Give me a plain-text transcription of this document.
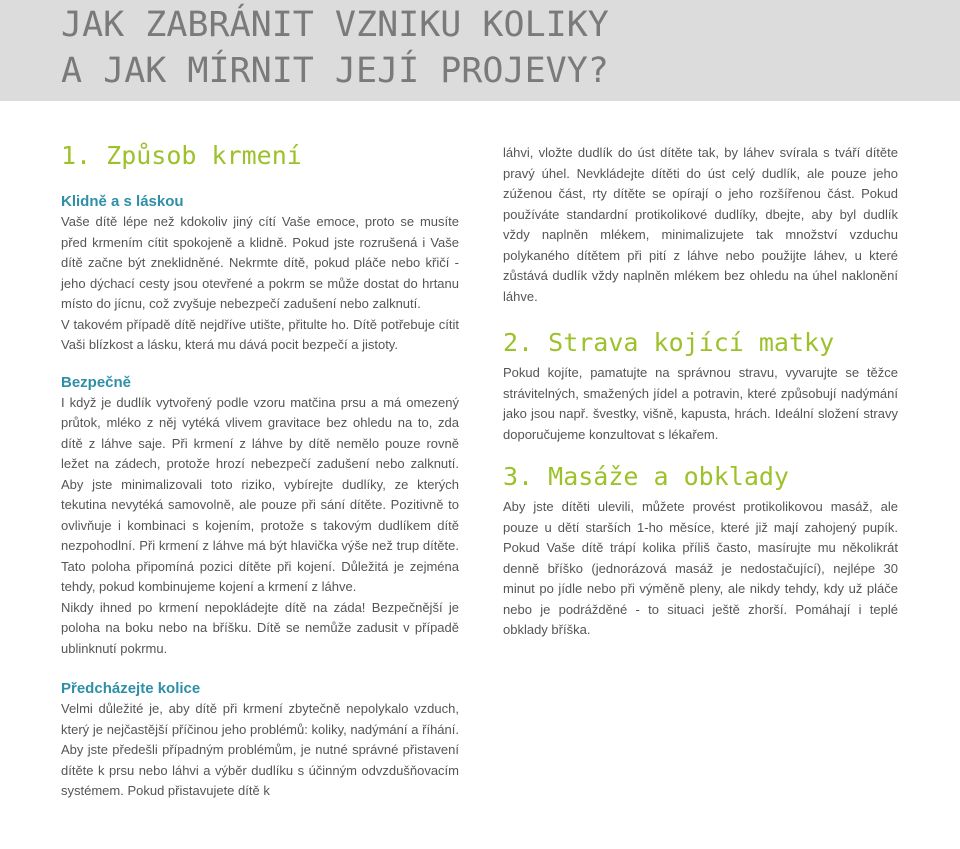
JAK ZABRÁNIT VZNIKU KOLIKY
A JAK MÍRNIT JEJÍ PROJEVY?
1. Způsob krmení
Klidně a s láskou

Vaše dítě lépe než kdokoliv jiný cítí Vaše emoce, proto se musíte před krmením cítit spokojeně a klidně. Pokud jste rozrušená i Vaše dítě začne být zneklidněné. Nekrmte dítě, pokud pláče nebo křičí - jeho dýchací cesty jsou otevřené a pokrm se může dostat do hrtanu místo do jícnu, což zvyšuje nebezpečí zadušení nebo zalknutí.

V takovém případě dítě nejdříve utište, přitulte ho. Dítě potřebuje cítit Vaši blízkost a lásku, která mu dává pocit bezpečí a jistoty.

Bezpečně

I když je dudlík vytvořený podle vzoru matčina prsu a má omezený průtok, mléko z něj vytéká vlivem gravitace bez ohledu na to, zda dítě z láhve saje. Při krmení z láhve by dítě nemělo pouze rovně ležet na zádech, protože hrozí nebezpečí zadušení nebo zalknutí. Aby jste minimalizovali toto riziko, vybírejte dudlíky, ze kterých tekutina nevytéká samovolně, ale pouze při sání dítěte. Pozitivně to ovlivňuje i kombinaci s kojením, protože s takovým dudlíkem dítě nezpohodlní. Při krmení z láhve má být hlavička výše než trup dítěte. Tato poloha připomíná pozici dítěte při kojení. Důležitá je zejména tehdy, pokud kombinujeme kojení a krmení z láhve.

Nikdy ihned po krmení nepokládejte dítě na záda! Bezpečnější je poloha na boku nebo na bříšku. Dítě se nemůže zadusit v případě ublinknutí pokrmu.

Předcházejte kolice

Velmi důležité je, aby dítě při krmení zbytečně nepolykalo vzduch, který je nejčastější příčinou jeho problémů: koliky, nadýmání a říhání. Aby jste předešli případným problémům, je nutné správné přistavení dítěte k prsu nebo láhvi a výběr dudlíku s účinným odvzdušňovacím systémem. Pokud přistavujete dítě k

láhvi, vložte dudlík do úst dítěte tak, by láhev svírala s tváří dítěte pravý úhel. Nevkládejte dítěti do úst celý dudlík, ale pouze jeho zúženou část, rty dítěte se opírají o jeho rozšířenou část. Pokud používáte standardní protikolikové dudlíky, dbejte, aby byl dudlík vždy naplněn mlékem, minimalizujete tak množství vzduchu polykaného dítětem při pití z láhve nebo použijte láhev, u které zůstává dudlík vždy naplněn mlékem bez ohledu na úhel naklonění láhve.

2. Strava kojící matky

Pokud kojíte, pamatujte na správnou stravu, vyvarujte se těžce strávitelných, smažených jídel a potravin, které způsobují nadýmání jako jsou např. švestky, višně, kapusta, hrách. Ideální složení stravy doporučujeme konzultovat s lékařem.

3. Masáže a obklady

Aby jste dítěti ulevili, můžete provést protikolikovou masáž, ale pouze u dětí starších 1-ho měsíce, které již mají zahojený pupík. Pokud Vaše dítě trápí kolika příliš často, masírujte mu několikrát denně bříško (jednorázová masáž je nedostačující), nejlépe 30 minut po jídle nebo při výměně pleny, ale nikdy tehdy, kdy už pláče nebo je podrážděné - to situaci ještě zhorší. Pomáhají i teplé obklady bříška.
